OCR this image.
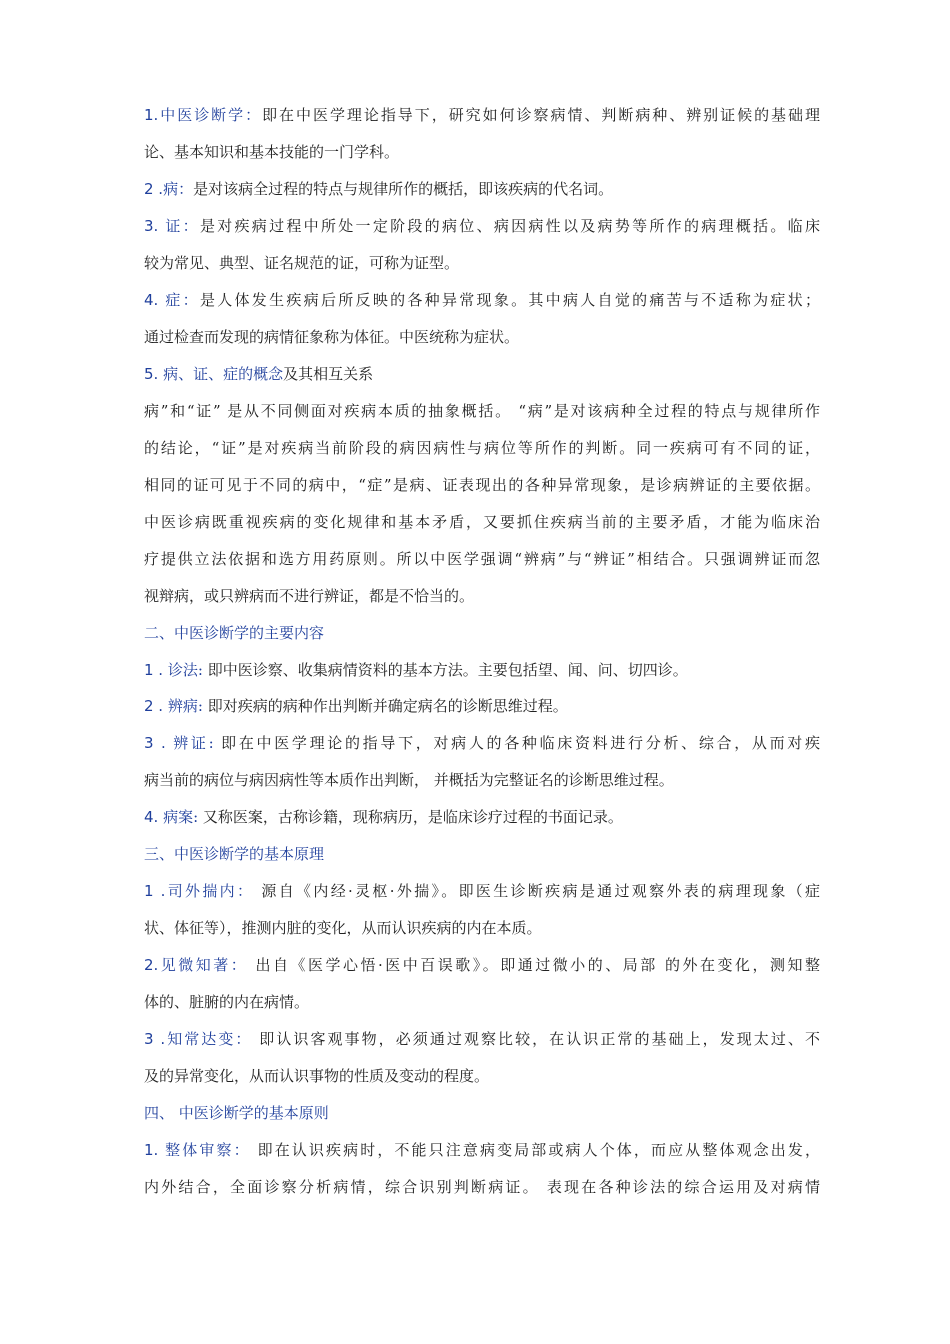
1.中医诊断学：即在中医学理论指导下，研究如何诊察病情、判断病种、辨别证候的基础理
论、基本知识和基本技能的一门学科。
2 .病：是对该病全过程的特点与规律所作的概括，即该疾病的代名词。
3. 证：是对疾病过程中所处一定阶段的病位、病因病性以及病势等所作的病理概括。临床
较为常见、典型、证名规范的证，可称为证型。
4. 症：是人体发生疾病后所反映的各种异常现象。其中病人自觉的痛苦与不适称为症状；
通过检查而发现的病情征象称为体征。中医统称为症状。
5. 病、证、症的概念及其相互关系
病”和“证” 是从不同侧面对疾病本质的抽象概括。 “病”是对该病种全过程的特点与规律所作
的结论，“证”是对疾病当前阶段的病因病性与病位等所作的判断。同一疾病可有不同的证，
相同的证可见于不同的病中，“症”是病、证表现出的各种异常现象，是诊病辨证的主要依据。
中医诊病既重视疾病的变化规律和基本矛盾，又要抓住疾病当前的主要矛盾，才能为临床治
疗提供立法依据和选方用药原则。所以中医学强调“辨病”与“辨证”相结合。只强调辨证而忽
视辩病，或只辨病而不进行辨证，都是不恰当的。
二、中医诊断学的主要内容
1 . 诊法: 即中医诊察、收集病情资料的基本方法。主要包括望、闻、问、切四诊。
2 . 辨病: 即对疾病的病种作出判断并确定病名的诊断思维过程。
3 . 辨证: 即在中医学理论的指导下，对病人的各种临床资料进行分析、综合，从而对疾
病当前的病位与病因病性等本质作出判断， 并概括为完整证名的诊断思维过程。
4. 病案: 又称医案，古称诊籍，现称病历，是临床诊疗过程的书面记录。
三、中医诊断学的基本原理
1 .司外揣内： 源自《内经·灵枢·外揣》。即医生诊断疾病是通过观察外表的病理现象（症
状、体征等），推测内脏的变化，从而认识疾病的内在本质。
2.见微知著： 出自《医学心悟·医中百误歌》。即通过微小的、局部 的外在变化，测知整
体的、脏腑的内在病情。
3 .知常达变： 即认识客观事物，必须通过观察比较，在认识正常的基础上，发现太过、不
及的异常变化，从而认识事物的性质及变动的程度。
四、 中医诊断学的基本原则
1. 整体审察： 即在认识疾病时，不能只注意病变局部或病人个体，而应从整体观念出发，
内外结合，全面诊察分析病情，综合识别判断病证。 表现在各种诊法的综合运用及对病情
